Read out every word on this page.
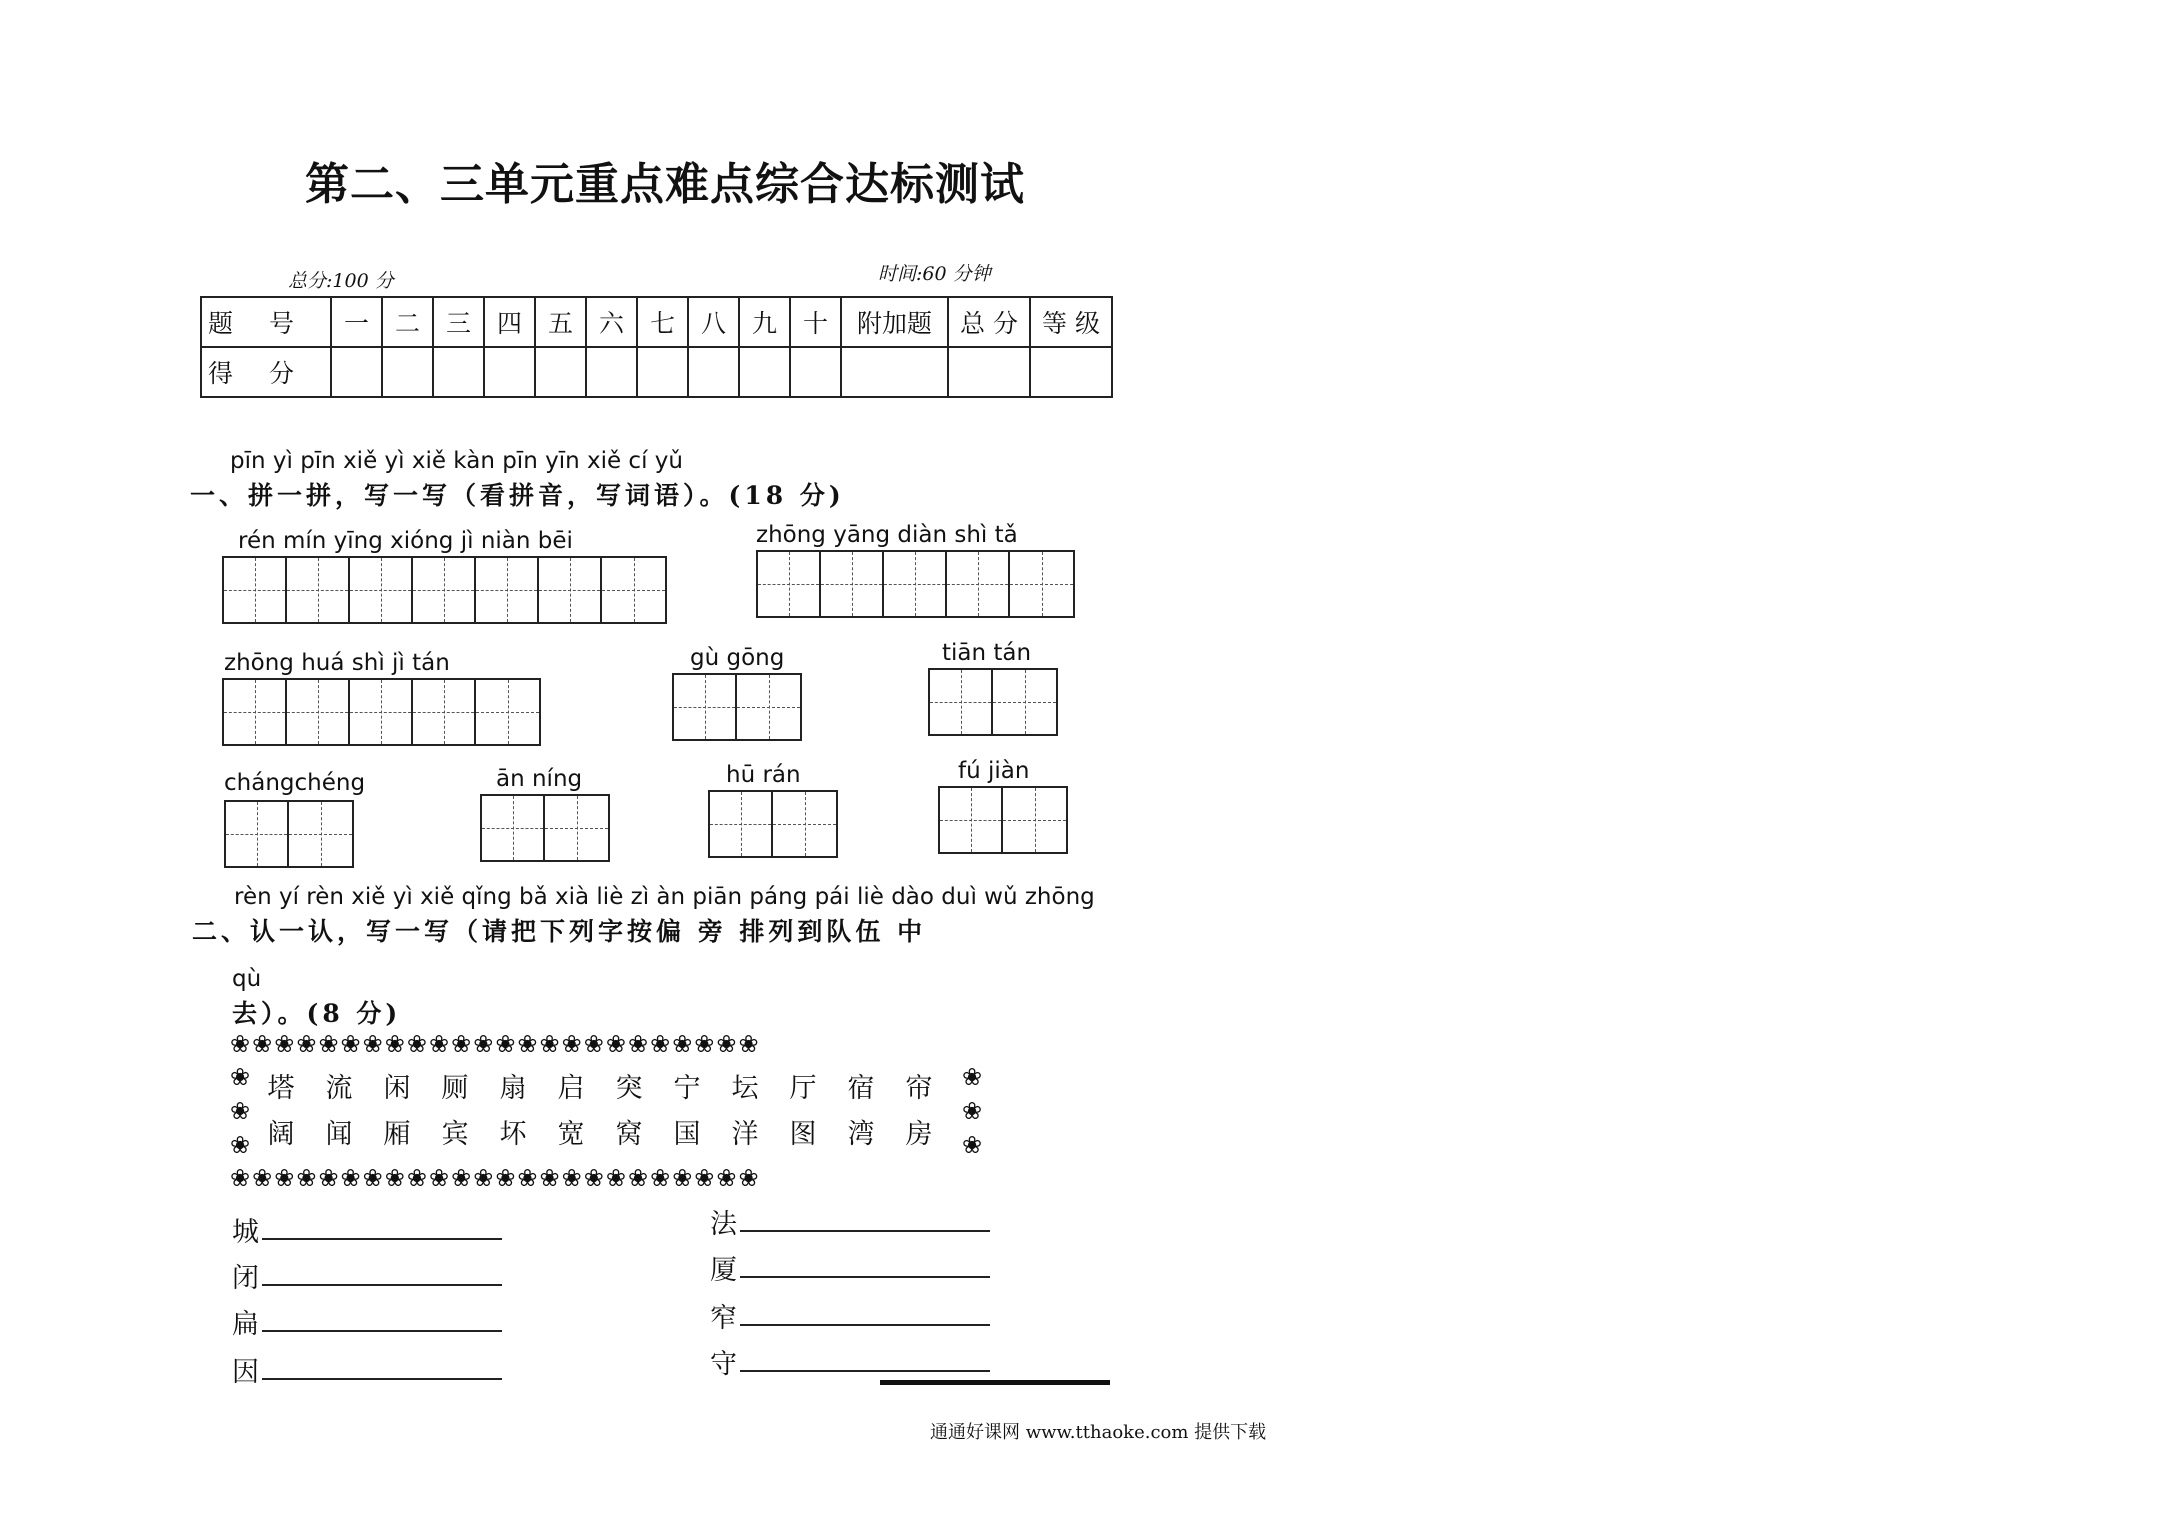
第二、三单元重点难点综合达标测试
总分:100 分	时间:60 分钟
题 号	一	二	三	四	五	六	七	八	九	十	附加题	总 分	等 级
得 分													
pīn yì pīn xiě yì xiě kàn pīn yīn xiě cí yǔ
一、拼一拼，写一写（看拼音，写词语）。(18 分)
rén mín yīng xióng jì niàn bēi	zhōng yāng diàn shì tǎ
zhōng huá shì jì tán	gù gōng	tiān tán
chángchéng	ān níng	hū rán	fú jiàn
rèn yí rèn xiě yì xiě qǐng bǎ xià liè zì àn piān páng pái liè dào duì wǔ zhōng
二、认一认，写一写（请把下列字按偏 旁 排列到队伍 中
qù
去）。(8 分)
❀❀❀❀❀❀❀❀❀❀❀❀❀❀❀❀❀❀❀❀❀❀❀❀
❀
❀
❀
❀
❀
❀
塔 流 闲 厕 扇 启 突 宁 坛 厅 宿 帘
阔 闻 厢 宾 坏 宽 窝 国 洋 图 湾 房
❀❀❀❀❀❀❀❀❀❀❀❀❀❀❀❀❀❀❀❀❀❀❀❀
城
闭
扁
因
法
厦
窄
守
通通好课网 www.tthaoke.com 提供下载
